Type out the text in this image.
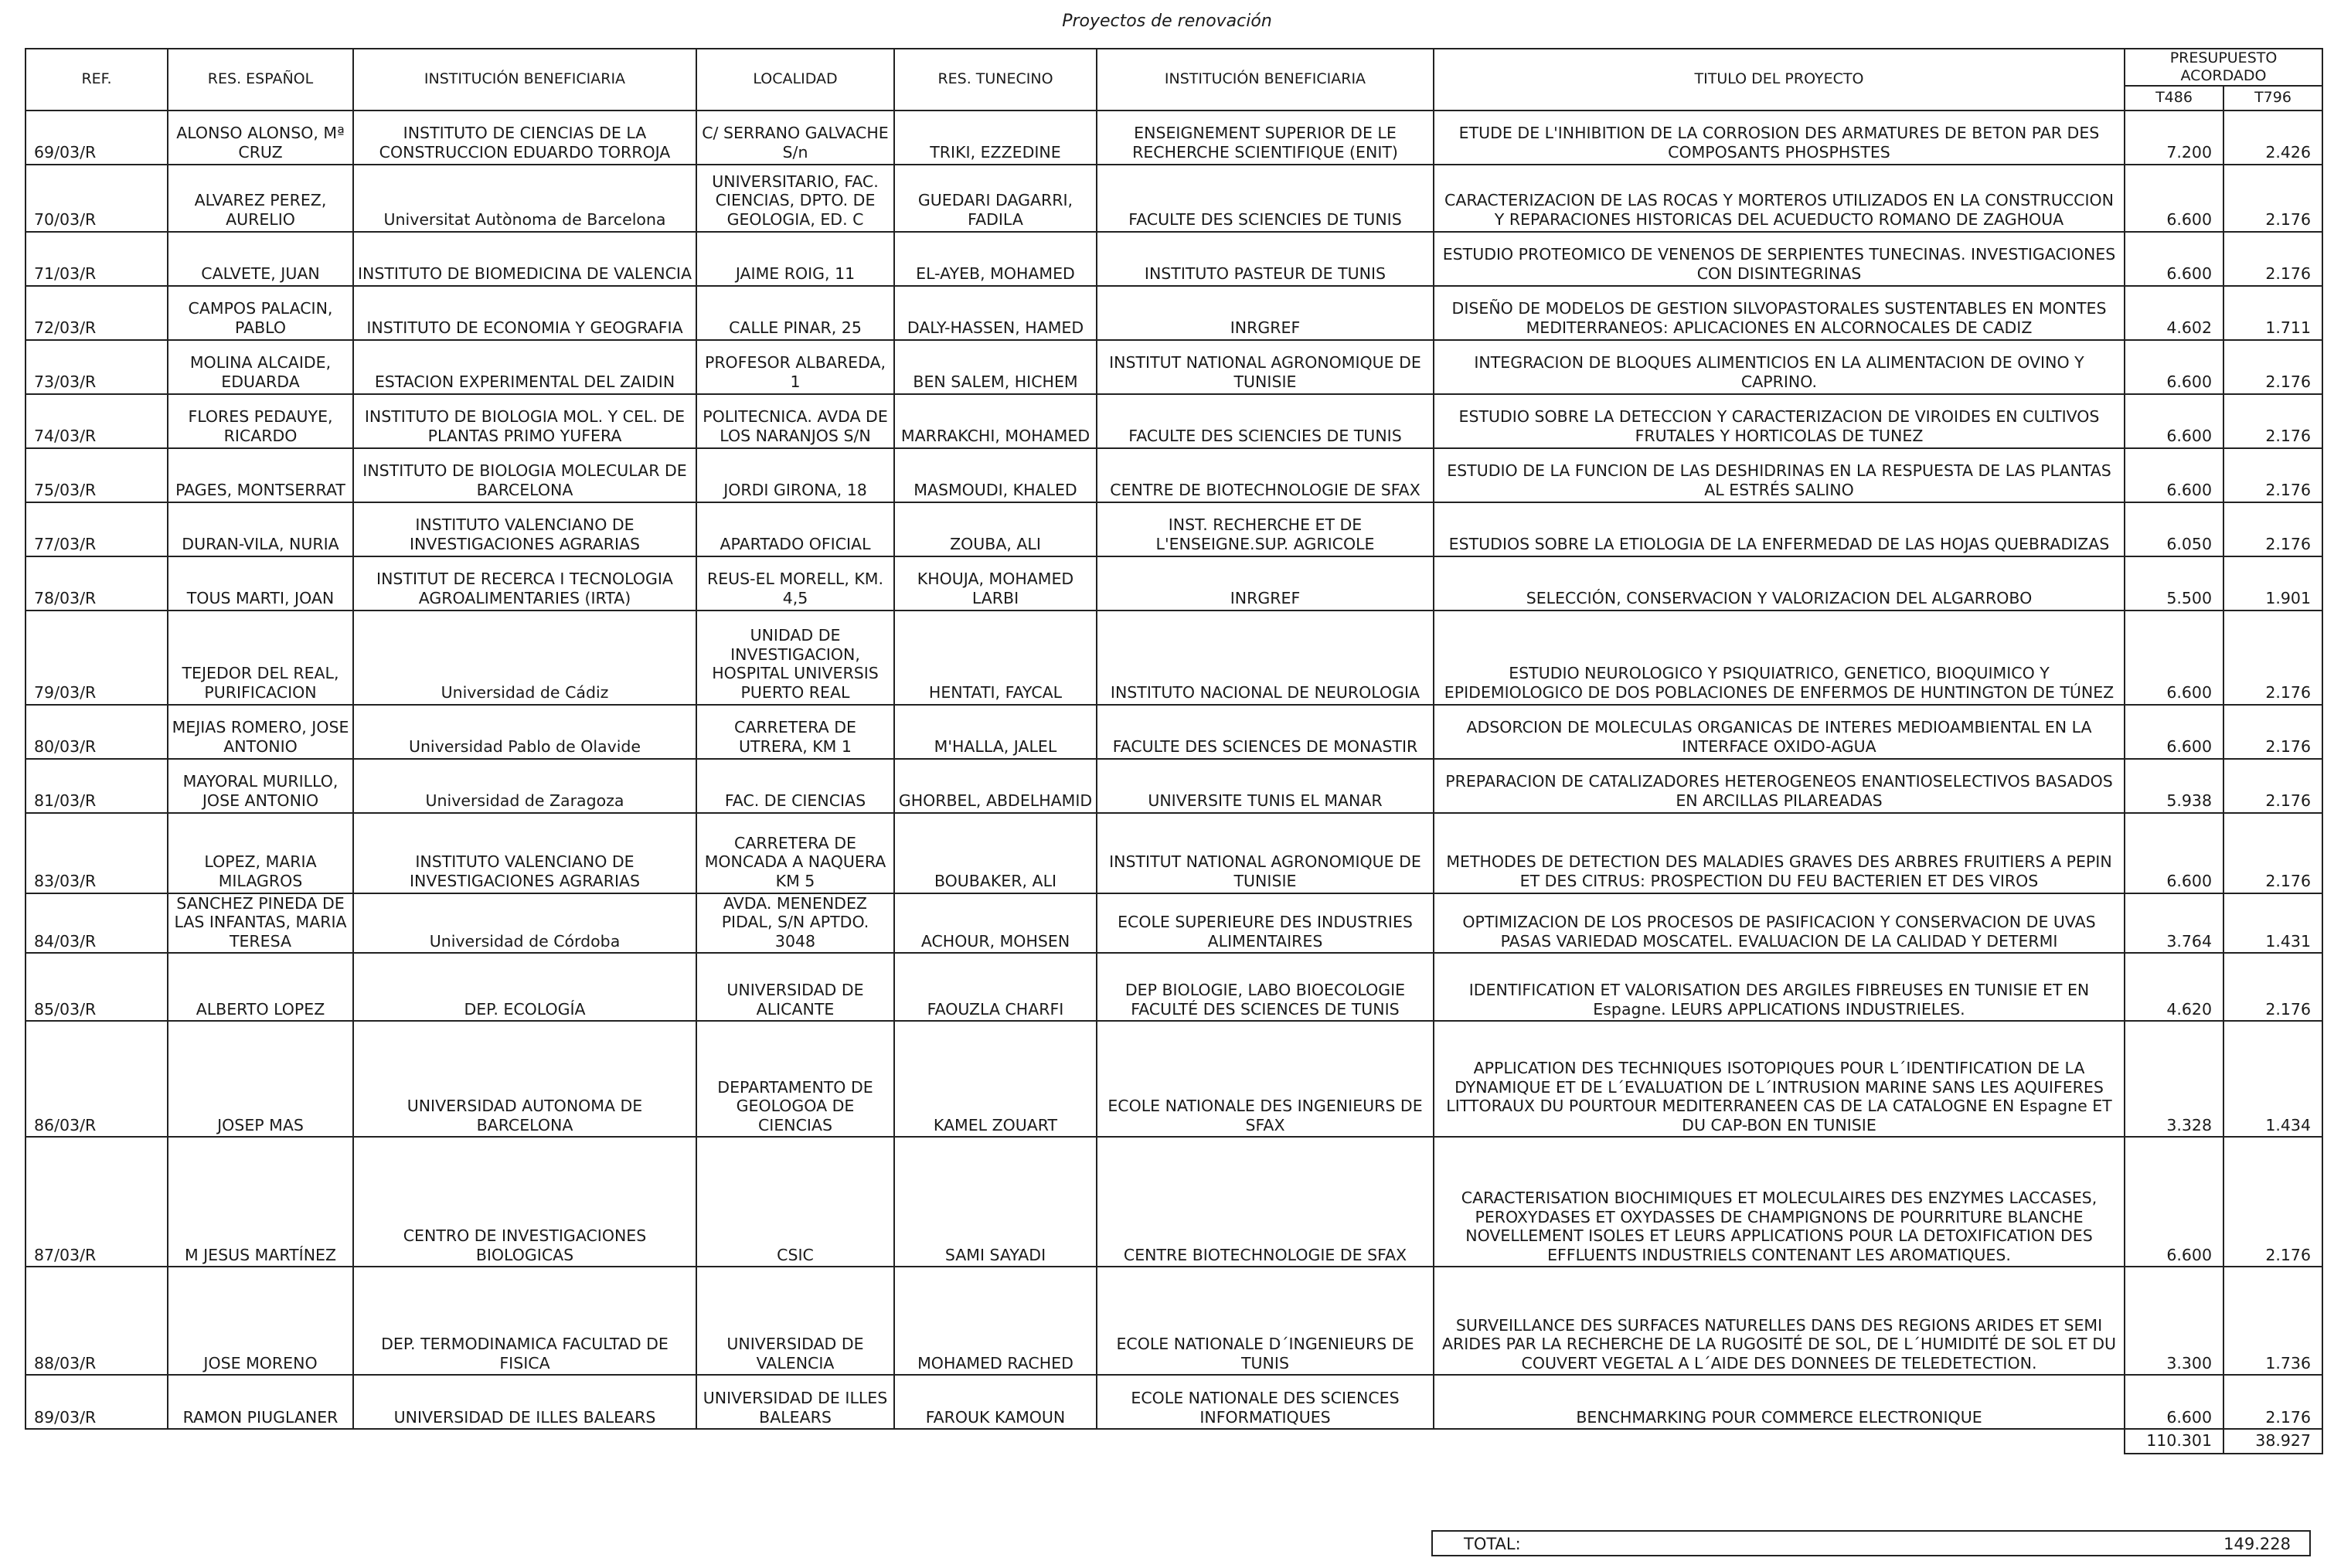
Proyectos de renovación
REF.	RES. ESPAÑOL	INSTITUCIÓN BENEFICIARIA	LOCALIDAD	RES. TUNECINO	INSTITUCIÓN BENEFICIARIA	TITULO DEL PROYECTO	PRESUPUESTO ACORDADO	
							T486	T796
69/03/R	ALONSO ALONSO, Mª CRUZ	INSTITUTO DE CIENCIAS DE LA CONSTRUCCION EDUARDO TORROJA	C/ SERRANO GALVACHE S/n	TRIKI, EZZEDINE	ENSEIGNEMENT SUPERIOR DE LE RECHERCHE SCIENTIFIQUE (ENIT)	ETUDE DE L'INHIBITION DE LA CORROSION DES ARMATURES DE BETON PAR DES COMPOSANTS PHOSPHSTES	7.200	2.426
70/03/R	ALVAREZ PEREZ, AURELIO	Universitat Autònoma de Barcelona	UNIVERSITARIO, FAC. CIENCIAS, DPTO. DE GEOLOGIA, ED. C	GUEDARI DAGARRI, FADILA	FACULTE DES SCIENCIES DE TUNIS	CARACTERIZACION DE LAS ROCAS Y MORTEROS UTILIZADOS EN LA CONSTRUCCION Y REPARACIONES HISTORICAS DEL ACUEDUCTO ROMANO DE ZAGHOUA	6.600	2.176
71/03/R	CALVETE, JUAN	INSTITUTO DE BIOMEDICINA DE VALENCIA	JAIME ROIG, 11	EL-AYEB, MOHAMED	INSTITUTO PASTEUR DE TUNIS	ESTUDIO PROTEOMICO DE VENENOS DE SERPIENTES TUNECINAS. INVESTIGACIONES CON DISINTEGRINAS	6.600	2.176
72/03/R	CAMPOS PALACIN, PABLO	INSTITUTO DE ECONOMIA Y GEOGRAFIA	CALLE PINAR, 25	DALY-HASSEN, HAMED	INRGREF	DISEÑO DE MODELOS DE GESTION SILVOPASTORALES SUSTENTABLES EN MONTES MEDITERRANEOS: APLICACIONES EN ALCORNOCALES DE CADIZ	4.602	1.711
73/03/R	MOLINA ALCAIDE, EDUARDA	ESTACION EXPERIMENTAL DEL ZAIDIN	PROFESOR ALBAREDA, 1	BEN SALEM, HICHEM	INSTITUT NATIONAL AGRONOMIQUE DE TUNISIE	INTEGRACION DE BLOQUES ALIMENTICIOS EN LA ALIMENTACION DE OVINO Y CAPRINO.	6.600	2.176
74/03/R	FLORES PEDAUYE, RICARDO	INSTITUTO DE BIOLOGIA MOL. Y CEL. DE PLANTAS PRIMO YUFERA	POLITECNICA. AVDA DE LOS NARANJOS S/N	MARRAKCHI, MOHAMED	FACULTE DES SCIENCIES DE TUNIS	ESTUDIO SOBRE LA DETECCION Y CARACTERIZACION DE VIROIDES EN CULTIVOS FRUTALES Y HORTICOLAS DE TUNEZ	6.600	2.176
75/03/R	PAGES, MONTSERRAT	INSTITUTO DE BIOLOGIA MOLECULAR DE BARCELONA	JORDI GIRONA, 18	MASMOUDI, KHALED	CENTRE DE BIOTECHNOLOGIE DE SFAX	ESTUDIO DE LA FUNCION DE LAS DESHIDRINAS EN LA RESPUESTA DE LAS PLANTAS AL ESTRÉS SALINO	6.600	2.176
77/03/R	DURAN-VILA, NURIA	INSTITUTO VALENCIANO DE INVESTIGACIONES AGRARIAS	APARTADO OFICIAL	ZOUBA, ALI	INST. RECHERCHE ET DE L'ENSEIGNE.SUP. AGRICOLE	ESTUDIOS SOBRE LA ETIOLOGIA DE LA ENFERMEDAD DE LAS HOJAS QUEBRADIZAS	6.050	2.176
78/03/R	TOUS MARTI, JOAN	INSTITUT DE RECERCA I TECNOLOGIA AGROALIMENTARIES (IRTA)	REUS-EL MORELL, KM. 4,5	KHOUJA, MOHAMED LARBI	INRGREF	SELECCIÓN, CONSERVACION Y VALORIZACION DEL ALGARROBO	5.500	1.901
79/03/R	TEJEDOR DEL REAL, PURIFICACION	Universidad de Cádiz	UNIDAD DE INVESTIGACION, HOSPITAL UNIVERSIS PUERTO REAL	HENTATI, FAYCAL	INSTITUTO NACIONAL DE NEUROLOGIA	ESTUDIO NEUROLOGICO Y PSIQUIATRICO, GENETICO, BIOQUIMICO Y EPIDEMIOLOGICO DE DOS POBLACIONES DE ENFERMOS DE HUNTINGTON DE TÚNEZ	6.600	2.176
80/03/R	MEJIAS ROMERO, JOSE ANTONIO	Universidad Pablo de Olavide	CARRETERA DE UTRERA, KM 1	M'HALLA, JALEL	FACULTE DES SCIENCES DE MONASTIR	ADSORCION DE MOLECULAS ORGANICAS DE INTERES MEDIOAMBIENTAL EN LA INTERFACE OXIDO-AGUA	6.600	2.176
81/03/R	MAYORAL MURILLO, JOSE ANTONIO	Universidad de Zaragoza	FAC. DE CIENCIAS	GHORBEL, ABDELHAMID	UNIVERSITE TUNIS EL MANAR	PREPARACION DE CATALIZADORES HETEROGENEOS ENANTIOSELECTIVOS BASADOS EN ARCILLAS PILAREADAS	5.938	2.176
83/03/R	LOPEZ, MARIA MILAGROS	INSTITUTO VALENCIANO DE INVESTIGACIONES AGRARIAS	CARRETERA DE MONCADA A NAQUERA KM 5	BOUBAKER, ALI	INSTITUT NATIONAL AGRONOMIQUE DE TUNISIE	METHODES DE DETECTION DES MALADIES GRAVES DES ARBRES FRUITIERS A PEPIN ET DES CITRUS: PROSPECTION DU FEU BACTERIEN ET DES VIROS	6.600	2.176
84/03/R	SANCHEZ PINEDA DE LAS INFANTAS, MARIA TERESA	Universidad de Córdoba	AVDA. MENENDEZ PIDAL, S/N APTDO. 3048	ACHOUR, MOHSEN	ECOLE SUPERIEURE DES INDUSTRIES ALIMENTAIRES	OPTIMIZACION DE LOS PROCESOS DE PASIFICACION Y CONSERVACION DE UVAS PASAS VARIEDAD MOSCATEL. EVALUACION DE LA CALIDAD Y DETERMI	3.764	1.431
85/03/R	ALBERTO LOPEZ	DEP. ECOLOGÍA	UNIVERSIDAD DE ALICANTE	FAOUZLA CHARFI	DEP BIOLOGIE, LABO BIOECOLOGIE FACULTÉ DES SCIENCES DE TUNIS	IDENTIFICATION ET VALORISATION DES ARGILES FIBREUSES EN TUNISIE ET EN Espagne. LEURS APPLICATIONS INDUSTRIELES.	4.620	2.176
86/03/R	JOSEP MAS	UNIVERSIDAD AUTONOMA DE BARCELONA	DEPARTAMENTO DE GEOLOGOA DE CIENCIAS	KAMEL ZOUART	ECOLE NATIONALE DES INGENIEURS DE SFAX	APPLICATION DES TECHNIQUES ISOTOPIQUES POUR L´IDENTIFICATION DE LA DYNAMIQUE ET DE L´EVALUATION DE L´INTRUSION MARINE SANS LES AQUIFERES LITTORAUX DU POURTOUR MEDITERRANEEN CAS DE LA CATALOGNE EN Espagne ET DU CAP-BON EN TUNISIE	3.328	1.434
87/03/R	M JESUS MARTÍNEZ	CENTRO DE INVESTIGACIONES BIOLOGICAS	CSIC	SAMI SAYADI	CENTRE BIOTECHNOLOGIE DE SFAX	CARACTERISATION BIOCHIMIQUES ET MOLECULAIRES DES ENZYMES LACCASES, PEROXYDASES ET OXYDASSES DE CHAMPIGNONS DE POURRITURE BLANCHE NOVELLEMENT ISOLES ET LEURS APPLICATIONS POUR LA DETOXIFICATION DES EFFLUENTS INDUSTRIELS CONTENANT LES AROMATIQUES.	6.600	2.176
88/03/R	JOSE MORENO	DEP. TERMODINAMICA FACULTAD DE FISICA	UNIVERSIDAD DE VALENCIA	MOHAMED RACHED	ECOLE NATIONALE D´INGENIEURS DE TUNIS	SURVEILLANCE DES SURFACES NATURELLES DANS DES REGIONS ARIDES ET SEMI ARIDES PAR LA RECHERCHE DE LA RUGOSITÉ DE SOL, DE L´HUMIDITÉ DE SOL ET DU COUVERT VEGETAL A L´AIDE DES DONNEES DE TELEDETECTION.	3.300	1.736
89/03/R	RAMON PIUGLANER	UNIVERSIDAD DE ILLES BALEARS	UNIVERSIDAD DE ILLES BALEARS	FAROUK KAMOUN	ECOLE NATIONALE DES SCIENCES INFORMATIQUES	BENCHMARKING POUR COMMERCE ELECTRONIQUE	6.600	2.176
							110.301	38.927
TOTAL:	149.228
